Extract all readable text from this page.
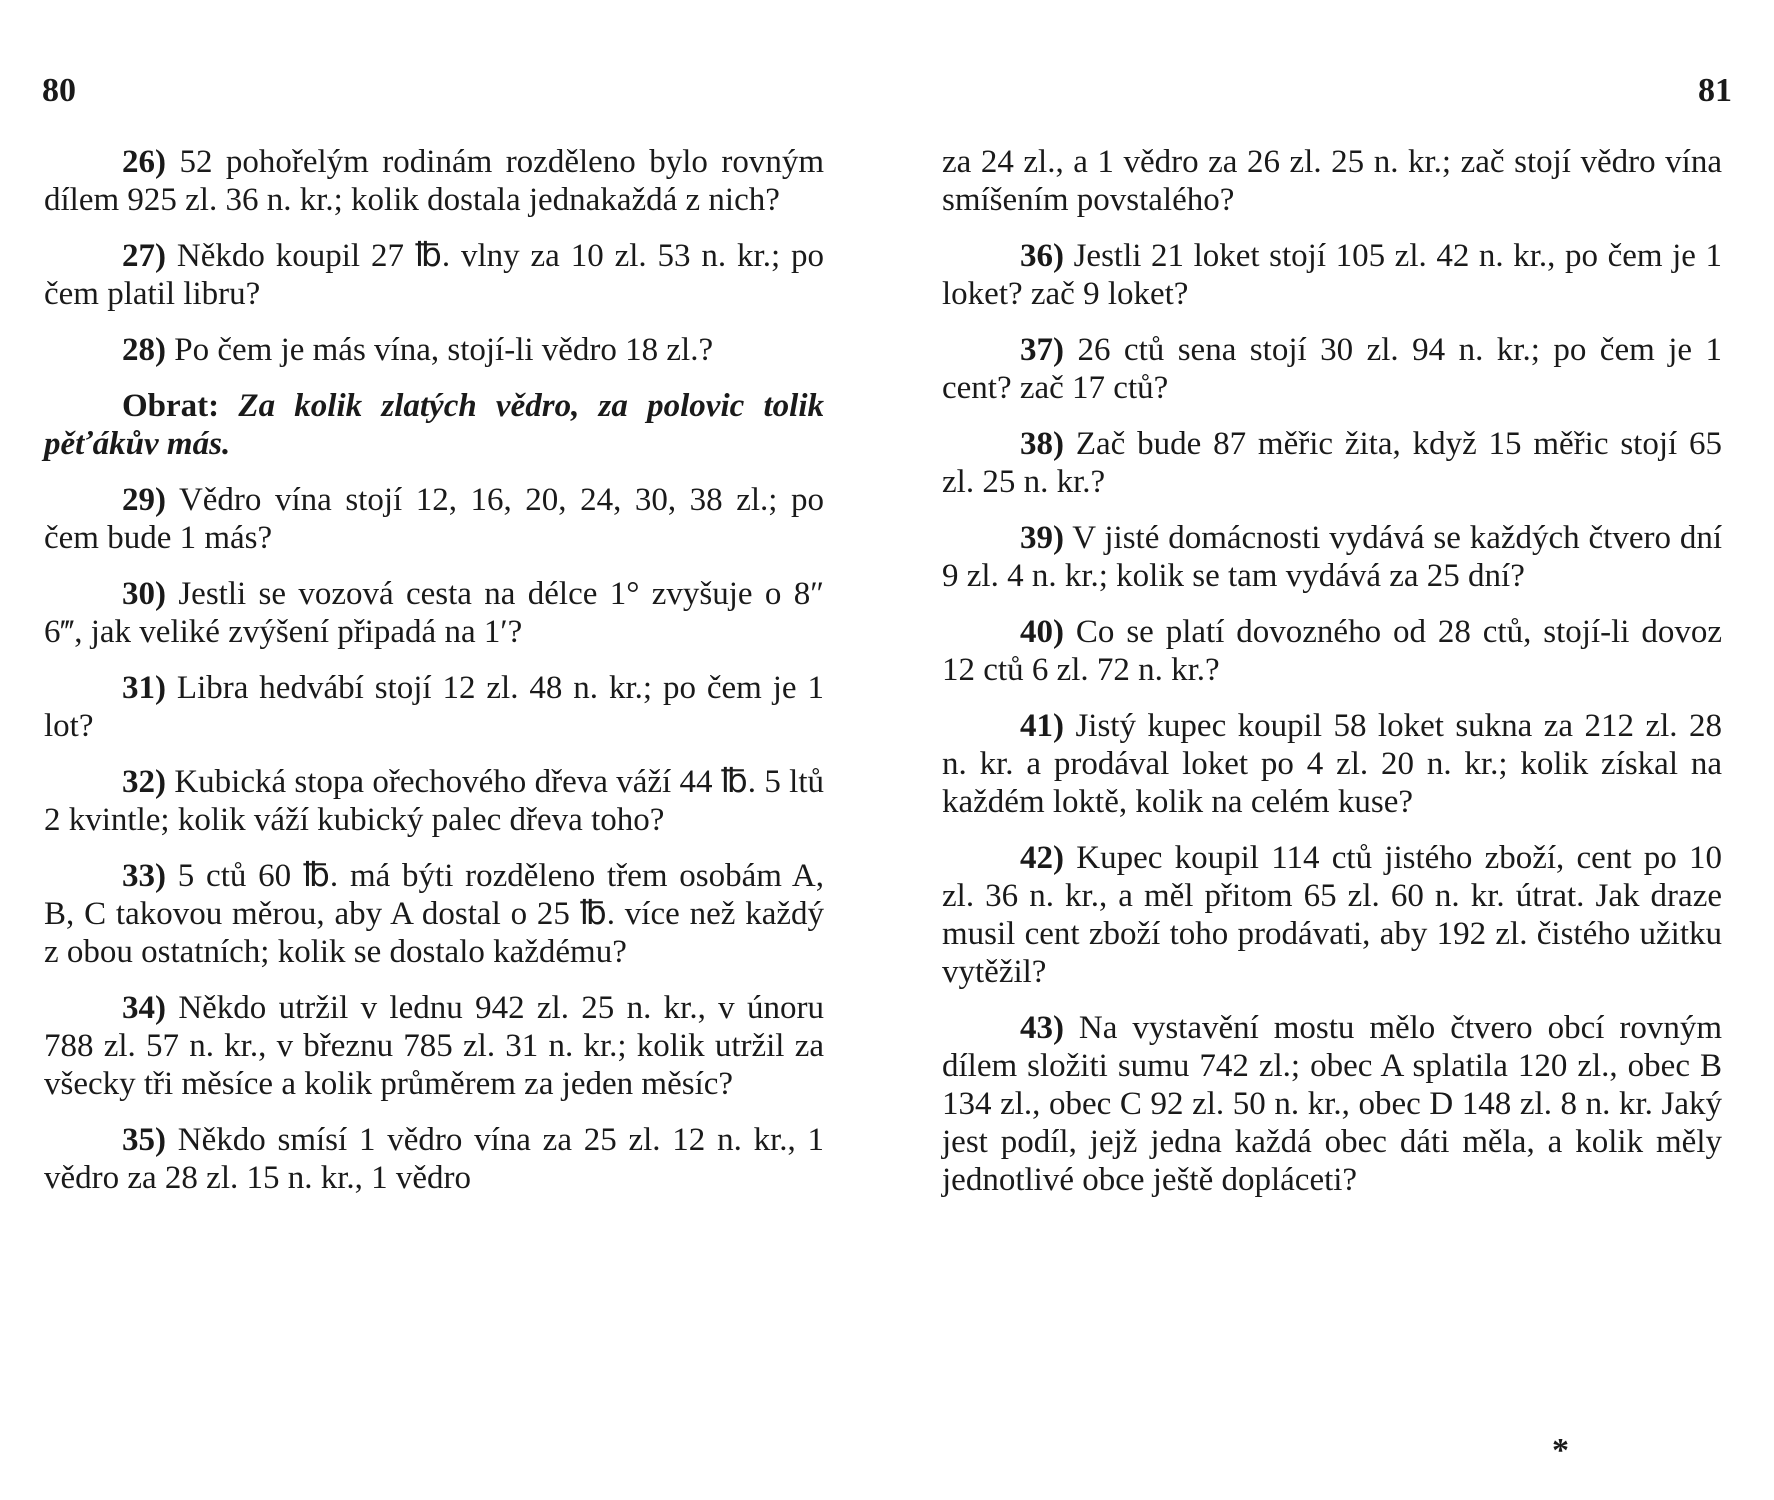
80

26) 52 pohořelým rodinám rozděleno bylo rovným dílem 925 zl. 36 n. kr.; kolik dostala jednakaždá z nich?

27) Někdo koupil 27 ℔. vlny za 10 zl. 53 n. kr.; po čem platil libru?

28) Po čem je más vína, stojí-li vědro 18 zl.?

Obrat: Za kolik zlatých vědro, za polovic tolik pěťákův más.

29) Vědro vína stojí 12, 16, 20, 24, 30, 38 zl.; po čem bude 1 más?

30) Jestli se vozová cesta na délce 1° zvyšuje o 8″ 6‴, jak veliké zvýšení připadá na 1′?

31) Libra hedvábí stojí 12 zl. 48 n. kr.; po čem je 1 lot?

32) Kubická stopa ořechového dřeva váží 44 ℔. 5 ltů 2 kvintle; kolik váží kubický palec dřeva toho?

33) 5 ctů 60 ℔. má býti rozděleno třem osobám A, B, C takovou měrou, aby A dostal o 25 ℔. více než každý z obou ostatních; kolik se dostalo každému?

34) Někdo utržil v lednu 942 zl. 25 n. kr., v únoru 788 zl. 57 n. kr., v březnu 785 zl. 31 n. kr.; kolik utržil za všecky tři měsíce a kolik průměrem za jeden měsíc?

35) Někdo smísí 1 vědro vína za 25 zl. 12 n. kr., 1 vědro za 28 zl. 15 n. kr., 1 vědro

81

za 24 zl., a 1 vědro za 26 zl. 25 n. kr.; zač stojí vědro vína smíšením povstalého?

36) Jestli 21 loket stojí 105 zl. 42 n. kr., po čem je 1 loket? zač 9 loket?

37) 26 ctů sena stojí 30 zl. 94 n. kr.; po čem je 1 cent? zač 17 ctů?

38) Zač bude 87 měřic žita, když 15 měřic stojí 65 zl. 25 n. kr.?

39) V jisté domácnosti vydává se každých čtvero dní 9 zl. 4 n. kr.; kolik se tam vydává za 25 dní?

40) Co se platí dovozného od 28 ctů, stojí-li dovoz 12 ctů 6 zl. 72 n. kr.?

41) Jistý kupec koupil 58 loket sukna za 212 zl. 28 n. kr. a prodával loket po 4 zl. 20 n. kr.; kolik získal na každém loktě, kolik na celém kuse?

42) Kupec koupil 114 ctů jistého zboží, cent po 10 zl. 36 n. kr., a měl přitom 65 zl. 60 n. kr. útrat. Jak draze musil cent zboží toho prodávati, aby 192 zl. čistého užitku vytěžil?

43) Na vystavění mostu mělo čtvero obcí rovným dílem složiti sumu 742 zl.; obec A splatila 120 zl., obec B 134 zl., obec C 92 zl. 50 n. kr., obec D 148 zl. 8 n. kr. Jaký jest podíl, jejž jedna každá obec dáti měla, a kolik měly jednotlivé obce ještě dopláceti?

*
